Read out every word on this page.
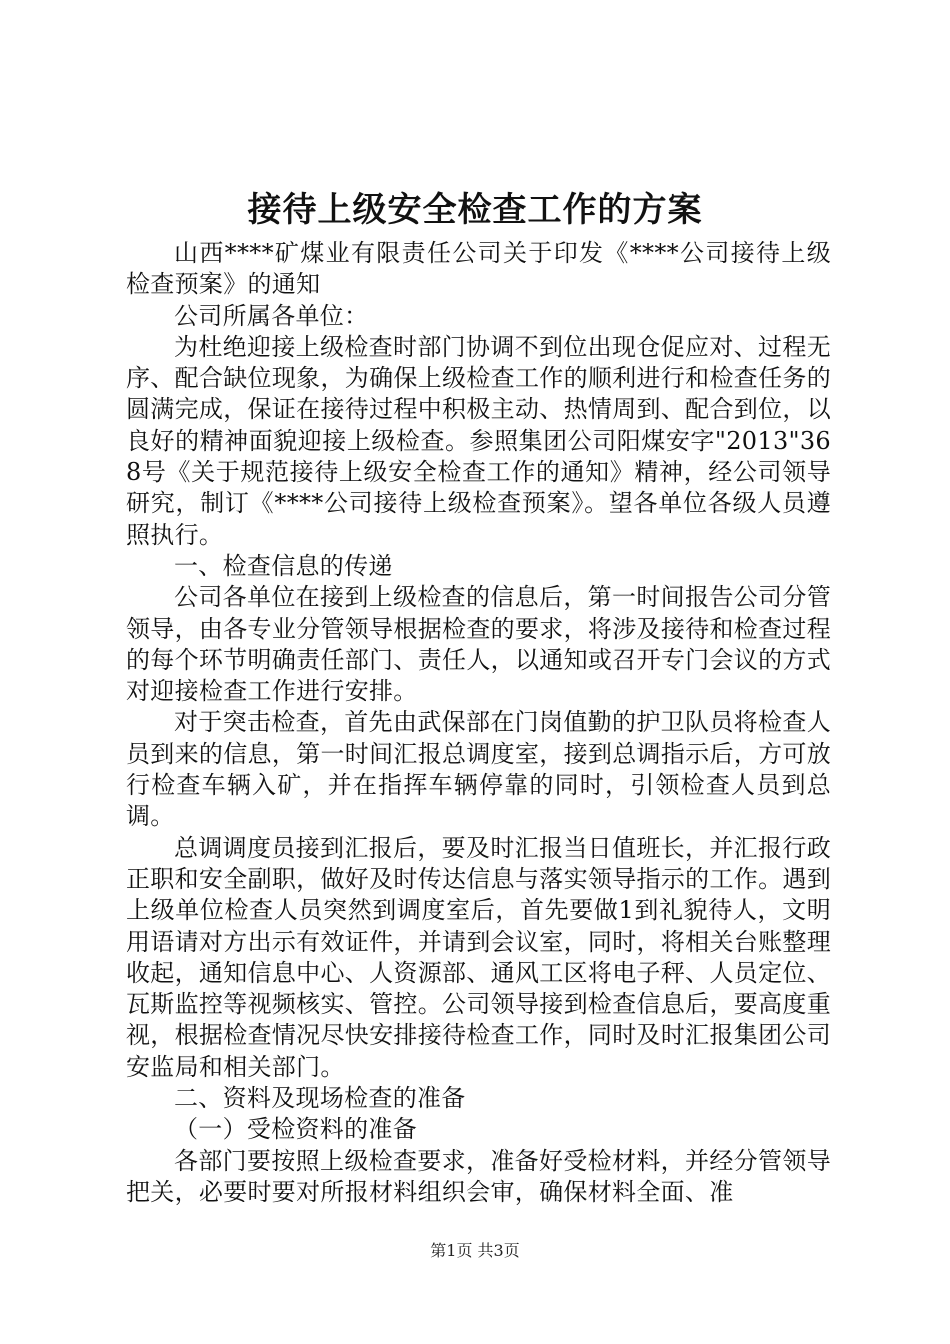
接待上级安全检查工作的方案

山西****矿煤业有限责任公司关于印发《****公司接待上级检查预案》的通知

公司所属各单位：

为杜绝迎接上级检查时部门协调不到位出现仓促应对、过程无序、配合缺位现象，为确保上级检查工作的顺利进行和检查任务的圆满完成，保证在接待过程中积极主动、热情周到、配合到位，以良好的精神面貌迎接上级检查。参照集团公司阳煤安字"2013"368号《关于规范接待上级安全检查工作的通知》精神，经公司领导研究，制订《****公司接待上级检查预案》。望各单位各级人员遵照执行。

一、检查信息的传递

公司各单位在接到上级检查的信息后，第一时间报告公司分管领导，由各专业分管领导根据检查的要求，将涉及接待和检查过程的每个环节明确责任部门、责任人，以通知或召开专门会议的方式对迎接检查工作进行安排。

对于突击检查，首先由武保部在门岗值勤的护卫队员将检查人员到来的信息，第一时间汇报总调度室，接到总调指示后，方可放行检查车辆入矿，并在指挥车辆停靠的同时，引领检查人员到总调。

总调调度员接到汇报后，要及时汇报当日值班长，并汇报行政正职和安全副职，做好及时传达信息与落实领导指示的工作。遇到上级单位检查人员突然到调度室后，首先要做1到礼貌待人，文明用语请对方出示有效证件，并请到会议室，同时，将相关台账整理收起，通知信息中心、人资源部、通风工区将电子秤、人员定位、瓦斯监控等视频核实、管控。公司领导接到检查信息后，要高度重视，根据检查情况尽快安排接待检查工作，同时及时汇报集团公司安监局和相关部门。

二、资料及现场检查的准备

（一）受检资料的准备

各部门要按照上级检查要求，准备好受检材料，并经分管领导把关，必要时要对所报材料组织会审，确保材料全面、准

第1页 共3页
